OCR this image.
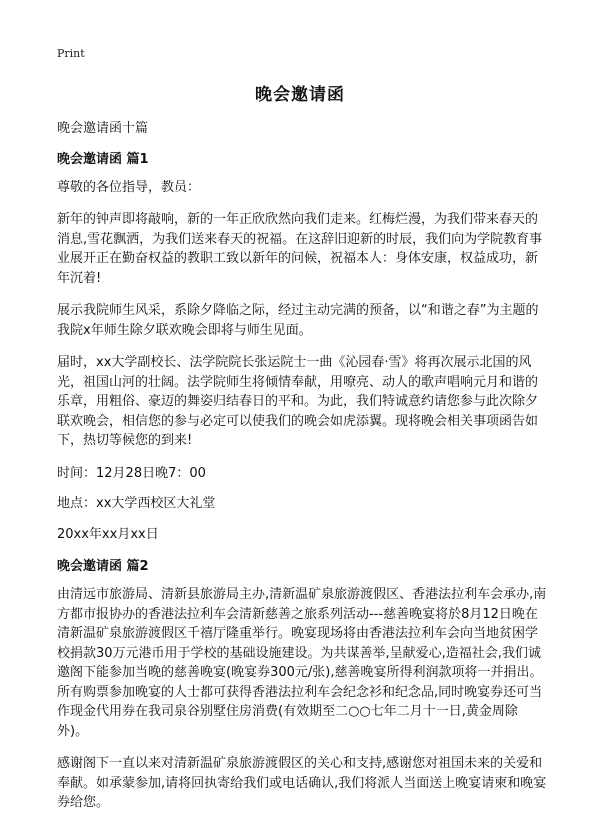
Print
晚会邀请函

晚会邀请函十篇

晚会邀请函 篇1

尊敬的各位指导，教员：

新年的钟声即将敲响，新的一年正欣欣然向我们走来。红梅烂漫，为我们带来春天的消息,雪花飘洒，为我们送来春天的祝福。在这辞旧迎新的时辰，我们向为学院教育事业展开正在勤奋权益的教职工致以新年的问候，祝福本人：身体安康，权益成功，新年沉着!

展示我院师生风采，系除夕降临之际，经过主动完满的预备，以“和谐之春”为主题的我院x年师生除夕联欢晚会即将与师生见面。

届时，xx大学副校长、法学院院长张运院士一曲《沁园春·雪》将再次展示北国的风光，祖国山河的壮阔。法学院师生将倾情奉献，用嘹亮、动人的歌声唱响元月和谐的乐章，用粗俗、豪迈的舞姿归结春日的平和。为此，我们特诚意约请您参与此次除夕联欢晚会，相信您的参与必定可以使我们的晚会如虎添翼。现将晚会相关事项函告如下，热切等候您的到来!

时间：12月28日晚7：00

地点：xx大学西校区大礼堂

20xx年xx月xx日

晚会邀请函 篇2

由清远市旅游局、清新县旅游局主办,清新温矿泉旅游渡假区、香港法拉利车会承办,南方都市报协办的香港法拉利车会清新慈善之旅系列活动---慈善晚宴将於8月12日晚在清新温矿泉旅游渡假区千禧厅隆重举行。晚宴现场将由香港法拉利车会向当地贫困学校捐款30万元港币用于学校的基础设施建设。为共谋善举,呈献爱心,造福社会,我们诚邀阁下能参加当晚的慈善晚宴(晚宴券300元/张),慈善晚宴所得利润款项将一并捐出。所有购票参加晚宴的人士都可获得香港法拉利车会纪念衫和纪念品,同时晚宴券还可当作现金代用券在我司泉谷别墅住房消费(有效期至二○○七年二月十一日,黄金周除外)。

感谢阁下一直以来对清新温矿泉旅游渡假区的关心和支持,感谢您对祖国未来的关爱和奉献。如承蒙参加,请将回执寄给我们或电话确认,我们将派人当面送上晚宴请柬和晚宴券给您。
